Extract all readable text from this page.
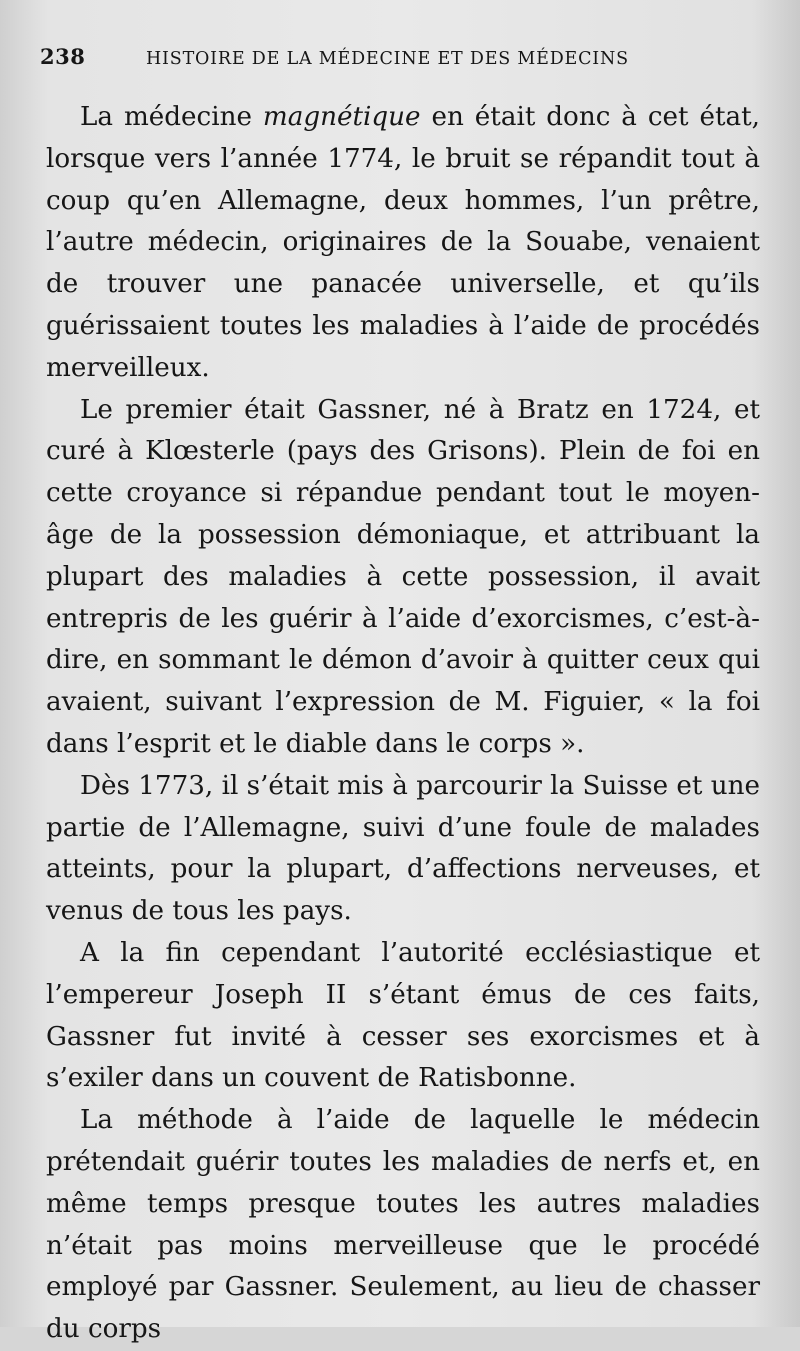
238	HISTOIRE DE LA MÉDECINE ET DES MÉDECINS

La médecine magnétique en était donc à cet état, lorsque vers l’année 1774, le bruit se répandit tout à coup qu’en Allemagne, deux hommes, l’un prêtre, l’autre médecin, originaires de la Souabe, venaient de trouver une panacée universelle, et qu’ils guérissaient toutes les maladies à l’aide de procédés merveilleux.

Le premier était Gassner, né à Bratz en 1724, et curé à Klœsterle (pays des Grisons). Plein de foi en cette croyance si répandue pendant tout le moyen-âge de la possession démoniaque, et attribuant la plupart des maladies à cette possession, il avait entrepris de les guérir à l’aide d’exorcismes, c’est-à-dire, en sommant le démon d’avoir à quitter ceux qui avaient, suivant l’expression de M. Figuier, « la foi dans l’esprit et le diable dans le corps ».

Dès 1773, il s’était mis à parcourir la Suisse et une partie de l’Allemagne, suivi d’une foule de malades atteints, pour la plupart, d’affections nerveuses, et venus de tous les pays.

A la fin cependant l’autorité ecclésiastique et l’empereur Joseph II s’étant émus de ces faits, Gassner fut invité à cesser ses exorcismes et à s’exiler dans un couvent de Ratisbonne.

La méthode à l’aide de laquelle le médecin prétendait guérir toutes les maladies de nerfs et, en même temps presque toutes les autres maladies n’était pas moins merveilleuse que le procédé employé par Gassner. Seulement, au lieu de chasser du corps
